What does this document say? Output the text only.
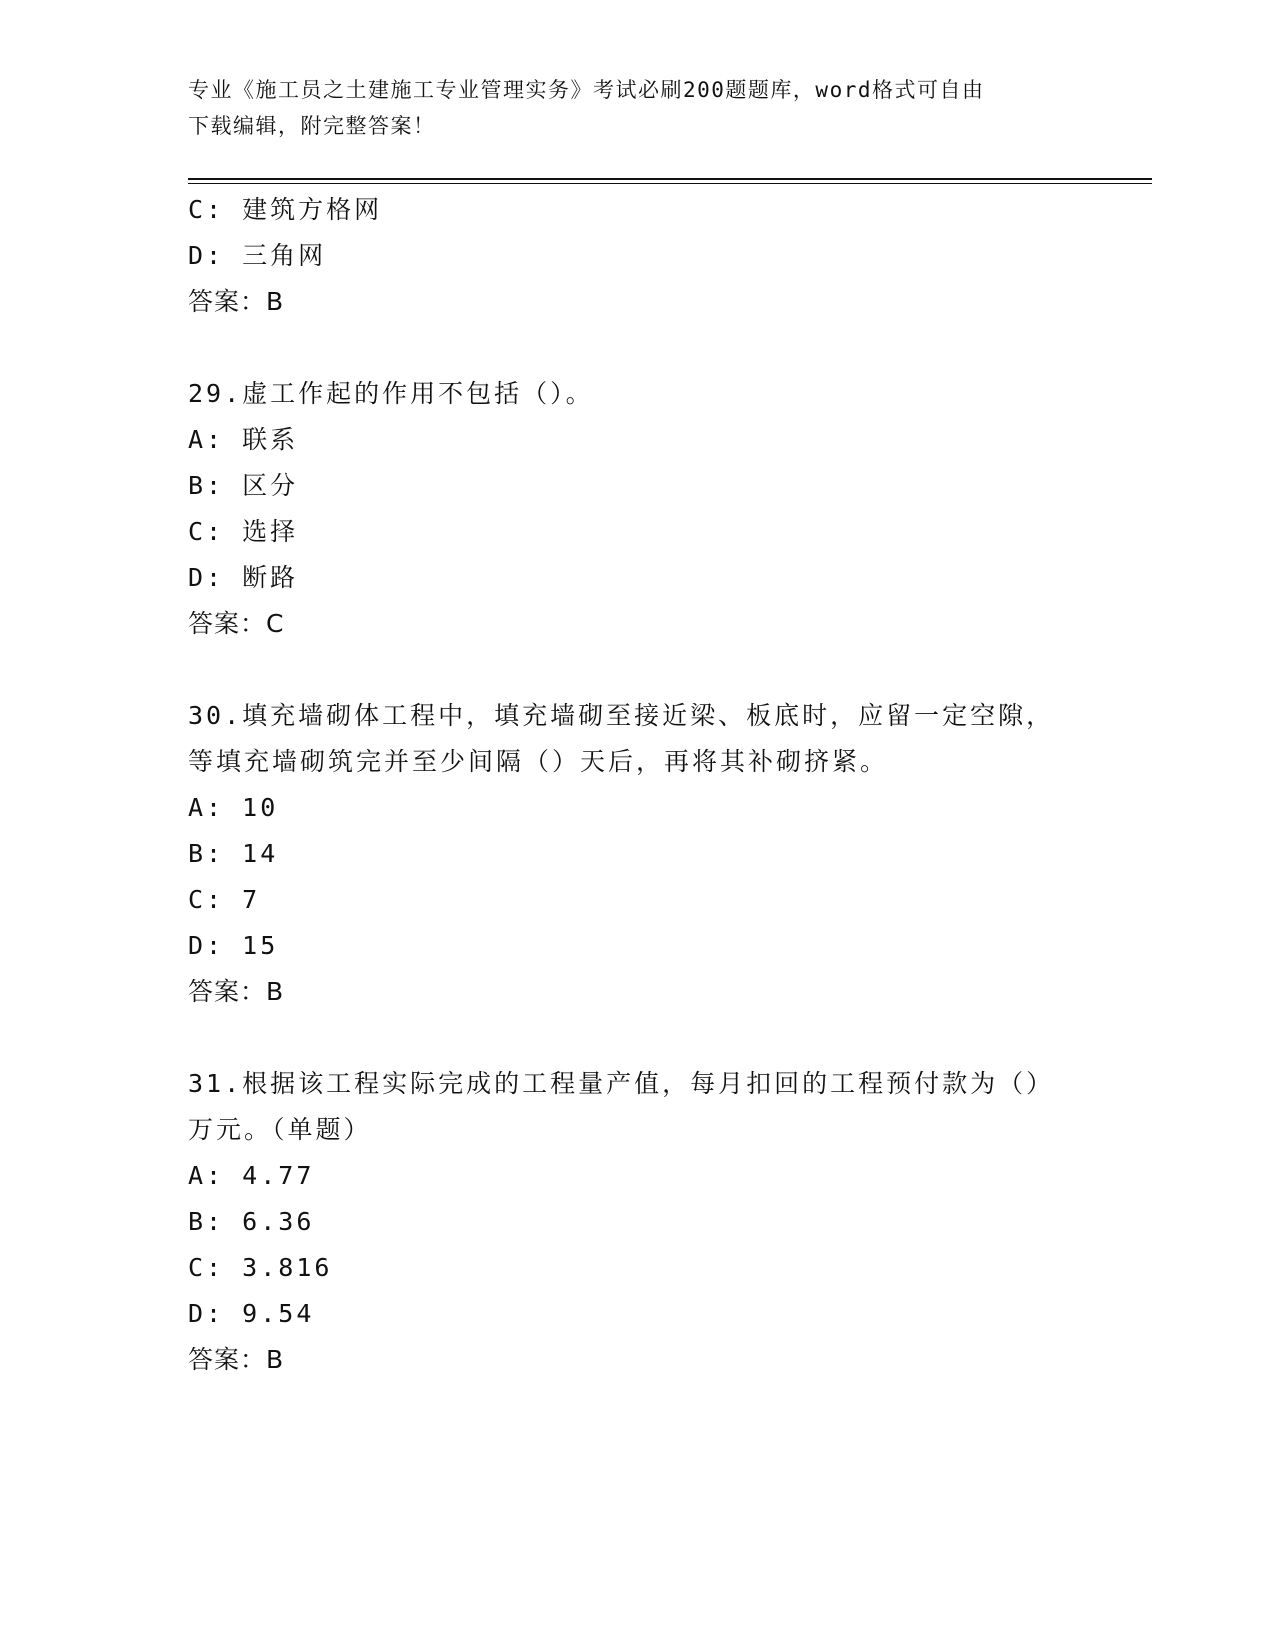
专业《施工员之土建施工专业管理实务》考试必刷200题题库，word格式可自由
下载编辑，附完整答案！
C: 建筑方格网
D: 三角网
答案：B
29.虚工作起的作用不包括（）。
A: 联系
B: 区分
C: 选择
D: 断路
答案：C
30.填充墙砌体工程中，填充墙砌至接近梁、板底时，应留一定空隙，
等填充墙砌筑完并至少间隔（）天后，再将其补砌挤紧。
A: 10
B: 14
C: 7
D: 15
答案：B
31.根据该工程实际完成的工程量产值，每月扣回的工程预付款为（）
万元。（单题）
A: 4.77
B: 6.36
C: 3.816
D: 9.54
答案：B
